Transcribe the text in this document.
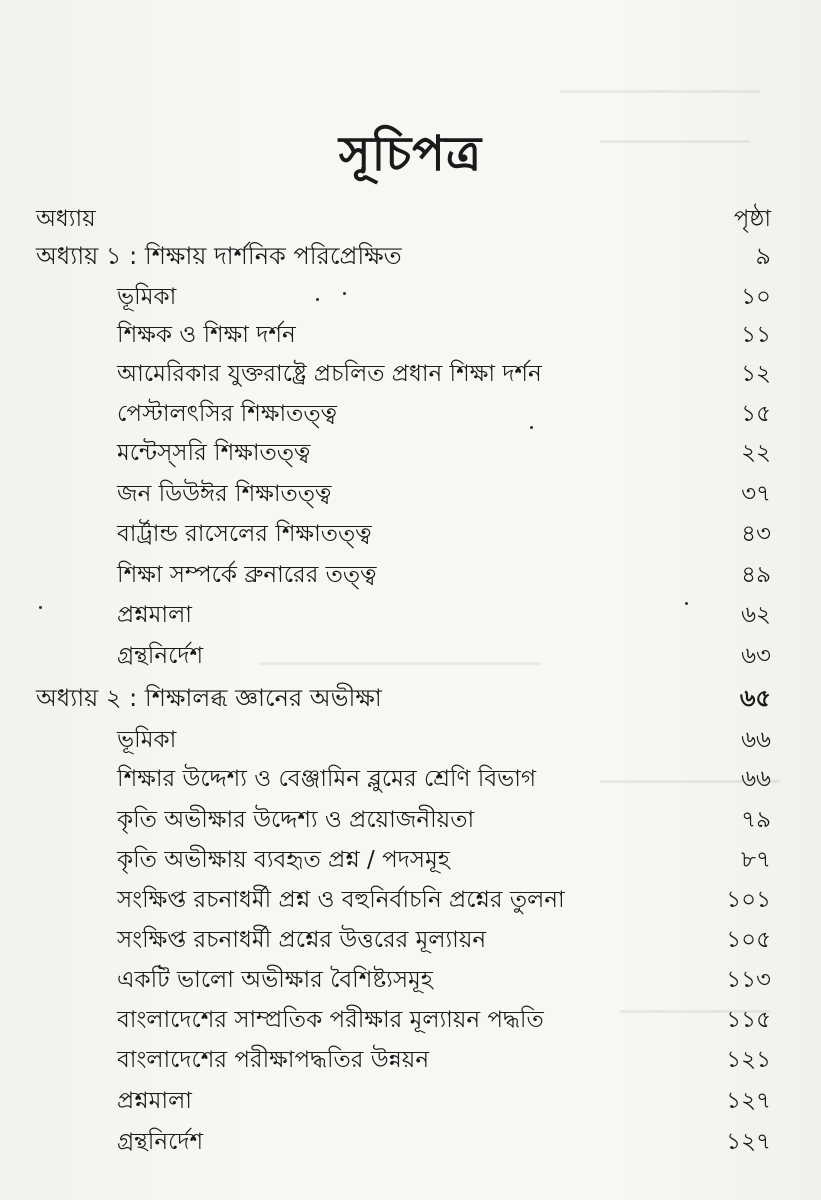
সূচিপত্র
অধ্যায়	পৃষ্ঠা
অধ্যায় ১ : শিক্ষায় দার্শনিক পরিপ্রেক্ষিত	৯
ভূমিকা	১০
শিক্ষক ও শিক্ষা দর্শন	১১
আমেরিকার যুক্তরাষ্ট্রে প্রচলিত প্রধান শিক্ষা দর্শন	১২
পেস্টালৎসির শিক্ষাতত্ত্ব	১৫
মন্টেস্সরি শিক্ষাতত্ত্ব	২২
জন ডিউঈর শিক্ষাতত্ত্ব	৩৭
বার্ট্রান্ড রাসেলের শিক্ষাতত্ত্ব	৪৩
শিক্ষা সম্পর্কে ব্রুনারের তত্ত্ব	৪৯
প্রশ্নমালা	৬২
গ্রন্থনির্দেশ	৬৩
অধ্যায় ২ : শিক্ষালব্ধ জ্ঞানের অভীক্ষা	৬৫
ভূমিকা	৬৬
শিক্ষার উদ্দেশ্য ও বেঞ্জামিন ব্লুমের শ্রেণি বিভাগ	৬৬
কৃতি অভীক্ষার উদ্দেশ্য ও প্রয়োজনীয়তা	৭৯
কৃতি অভীক্ষায় ব্যবহৃত প্রশ্ন / পদসমূহ	৮৭
সংক্ষিপ্ত রচনাধর্মী প্রশ্ন ও বহুনির্বাচনি প্রশ্নের তুলনা	১০১
সংক্ষিপ্ত রচনাধর্মী প্রশ্নের উত্তরের মূল্যায়ন	১০৫
একটি ভালো অভীক্ষার বৈশিষ্ট্যসমূহ	১১৩
বাংলাদেশের সাম্প্রতিক পরীক্ষার মূল্যায়ন পদ্ধতি	১১৫
বাংলাদেশের পরীক্ষাপদ্ধতির উন্নয়ন	১২১
প্রশ্নমালা	১২৭
গ্রন্থনির্দেশ	১২৭
